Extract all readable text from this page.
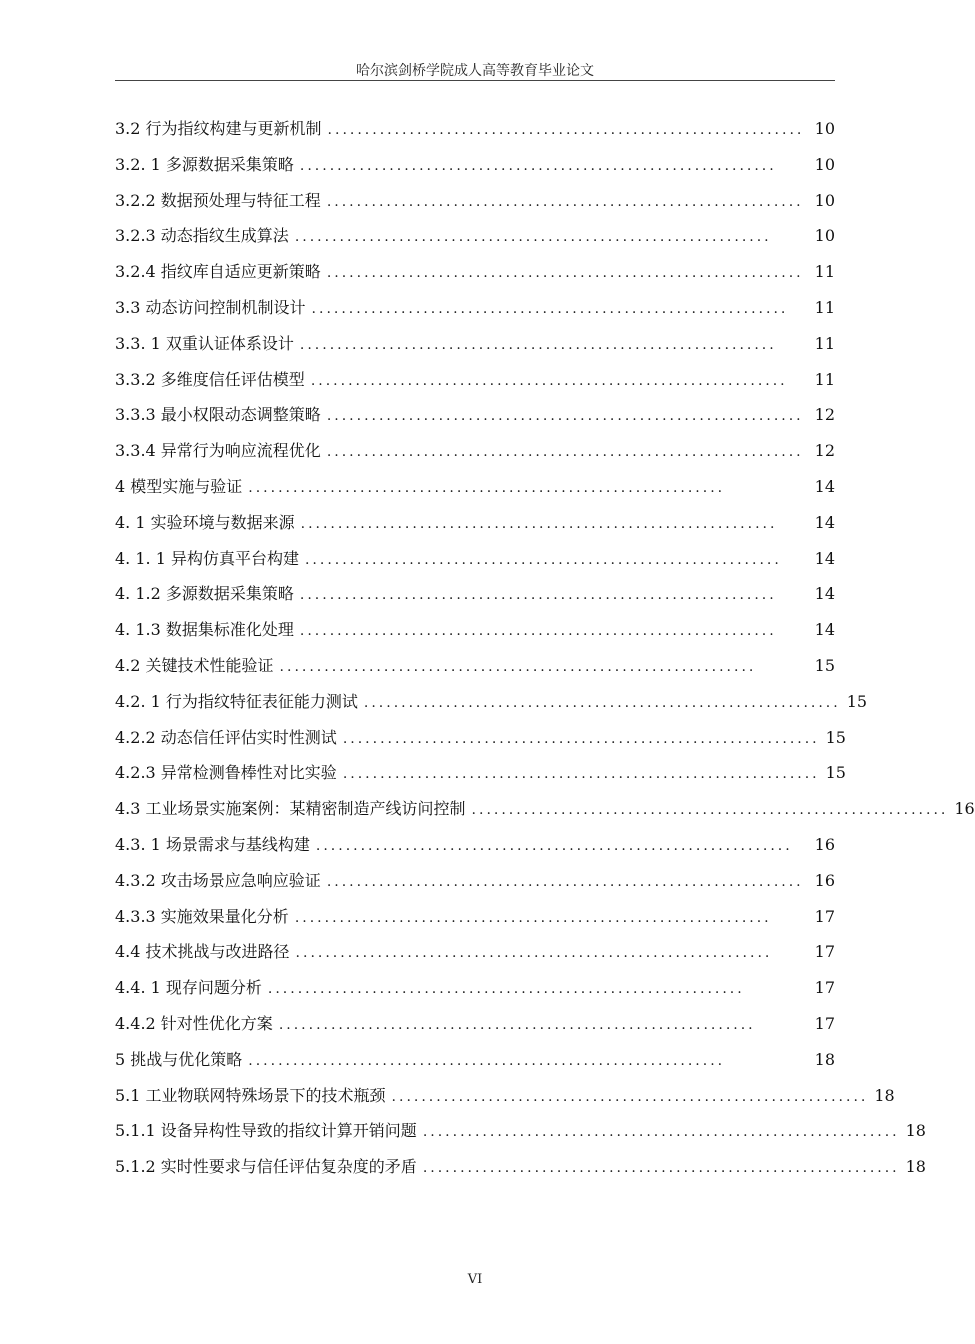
哈尔滨剑桥学院成人高等教育毕业论文
3.2 行为指纹构建与更新机制 ................................................................ 10
3.2. 1 多源数据采集策略 ................................................................	10
3.2.2 数据预处理与特征工程 ................................................................ 10
3.2.3 动态指纹生成算法 ................................................................	10
3.2.4 指纹库自适应更新策略 ................................................................ 11
3.3 动态访问控制机制设计 ................................................................	11
3.3. 1 双重认证体系设计 ................................................................	11
3.3.2 多维度信任评估模型 ................................................................	11
3.3.3 最小权限动态调整策略 ................................................................ 12
3.3.4 异常行为响应流程优化 ................................................................ 12
4 模型实施与验证 ................................................................	14
4. 1 实验环境与数据来源 ................................................................	14
4. 1. 1 异构仿真平台构建 ................................................................	14
4. 1.2 多源数据采集策略 ................................................................	14
4. 1.3 数据集标准化处理 ................................................................	14
4.2 关键技术性能验证 ................................................................	15
4.2. 1 行为指纹特征表征能力测试 ................................................................ 15
4.2.2 动态信任评估实时性测试 ................................................................ 15
4.2.3 异常检测鲁棒性对比实验 ................................................................ 15
4.3 工业场景实施案例：某精密制造产线访问控制 ................................................................ 16
4.3. 1 场景需求与基线构建 ................................................................	16
4.3.2 攻击场景应急响应验证 ................................................................ 16
4.3.3 实施效果量化分析 ................................................................	17
4.4 技术挑战与改进路径 ................................................................	17
4.4. 1 现存问题分析 ................................................................	17
4.4.2 针对性优化方案 ................................................................	17
5 挑战与优化策略 ................................................................	18
5.1 工业物联网特殊场景下的技术瓶颈 ................................................................ 18
5.1.1 设备异构性导致的指纹计算开销问题 ................................................................ 18
5.1.2 实时性要求与信任评估复杂度的矛盾 ................................................................ 18
VI
